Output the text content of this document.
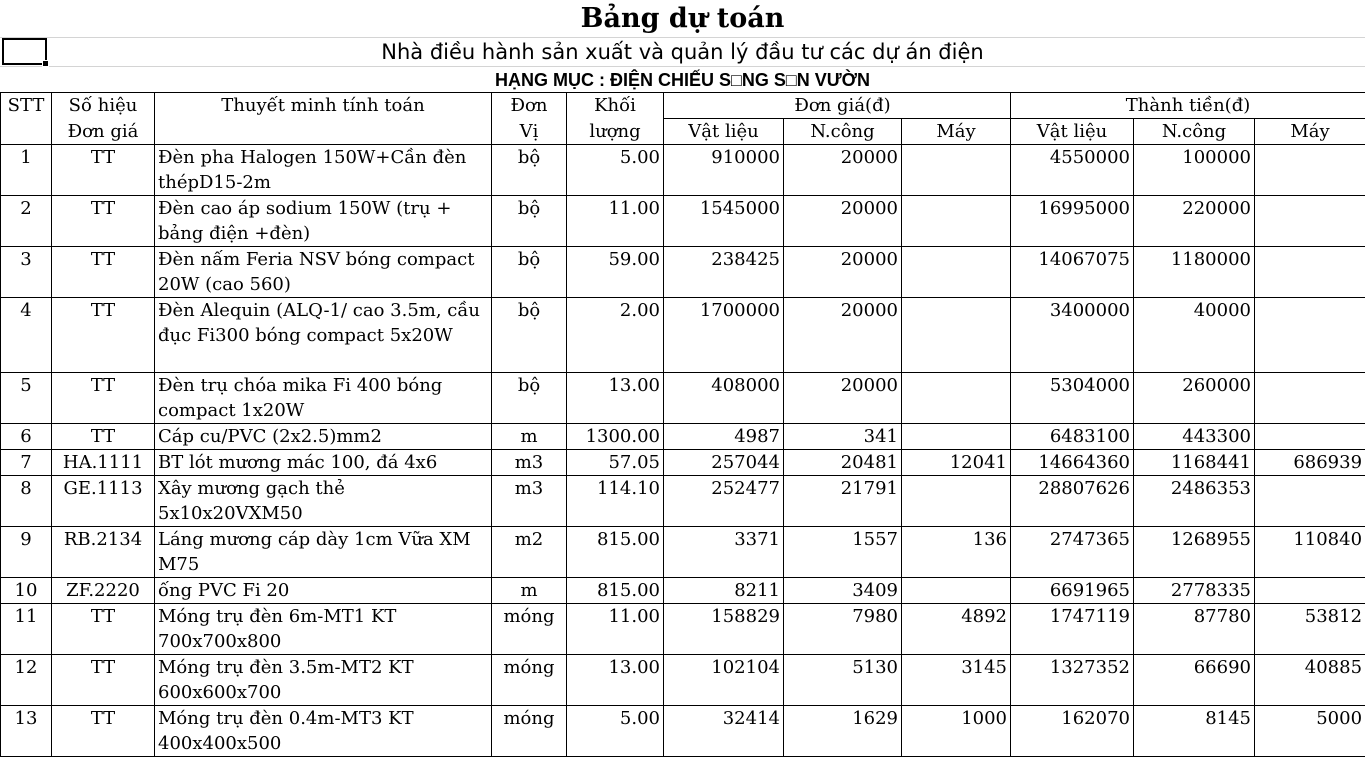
Bảng dự toán
Nhà điều hành sản xuất và quản lý đầu tư các dự án điện
HẠNG MỤC : ĐIỆN CHIẾU S□NG S□N VƯỜN
STT	Số hiệu	Thuyết minh tính toán	Đơn	Khối		Đơn giá(đ)		Thành tiền(đ)		
	Đơn giá		Vị	lượng	Vật liệu	N.công	Máy	Vật liệu	N.công	Máy
1	TT	Đèn pha Halogen 150W+Cần đèn thépD15-2m	bộ	5.00	910000	20000		4550000	100000	
2	TT	Đèn cao áp sodium 150W (trụ + bảng điện +đèn)	bộ	11.00	1545000	20000		16995000	220000	
3	TT	Đèn nấm Feria NSV bóng compact 20W (cao 560)	bộ	59.00	238425	20000		14067075	1180000	
4	TT	Đèn Alequin (ALQ-1/ cao 3.5m, cầu đục Fi300 bóng compact 5x20W	bộ	2.00	1700000	20000		3400000	40000	
5	TT	Đèn trụ chóa mika Fi 400 bóng compact 1x20W	bộ	13.00	408000	20000		5304000	260000	
6	TT	Cáp cu/PVC (2x2.5)mm2	m	1300.00	4987	341		6483100	443300	
7	HA.1111	BT lót mương mác 100, đá 4x6	m3	57.05	257044	20481	12041	14664360	1168441	686939
8	GE.1113	Xây mương gạch thẻ 5x10x20VXM50	m3	114.10	252477	21791		28807626	2486353	
9	RB.2134	Láng mương cáp dày 1cm Vữa XM M75	m2	815.00	3371	1557	136	2747365	1268955	110840
10	ZF.2220	ống PVC Fi 20	m	815.00	8211	3409		6691965	2778335	
11	TT	Móng trụ đèn 6m-MT1 KT 700x700x800	móng	11.00	158829	7980	4892	1747119	87780	53812
12	TT	Móng trụ đèn 3.5m-MT2 KT 600x600x700	móng	13.00	102104	5130	3145	1327352	66690	40885
13	TT	Móng trụ đèn 0.4m-MT3 KT 400x400x500	móng	5.00	32414	1629	1000	162070	8145	5000
